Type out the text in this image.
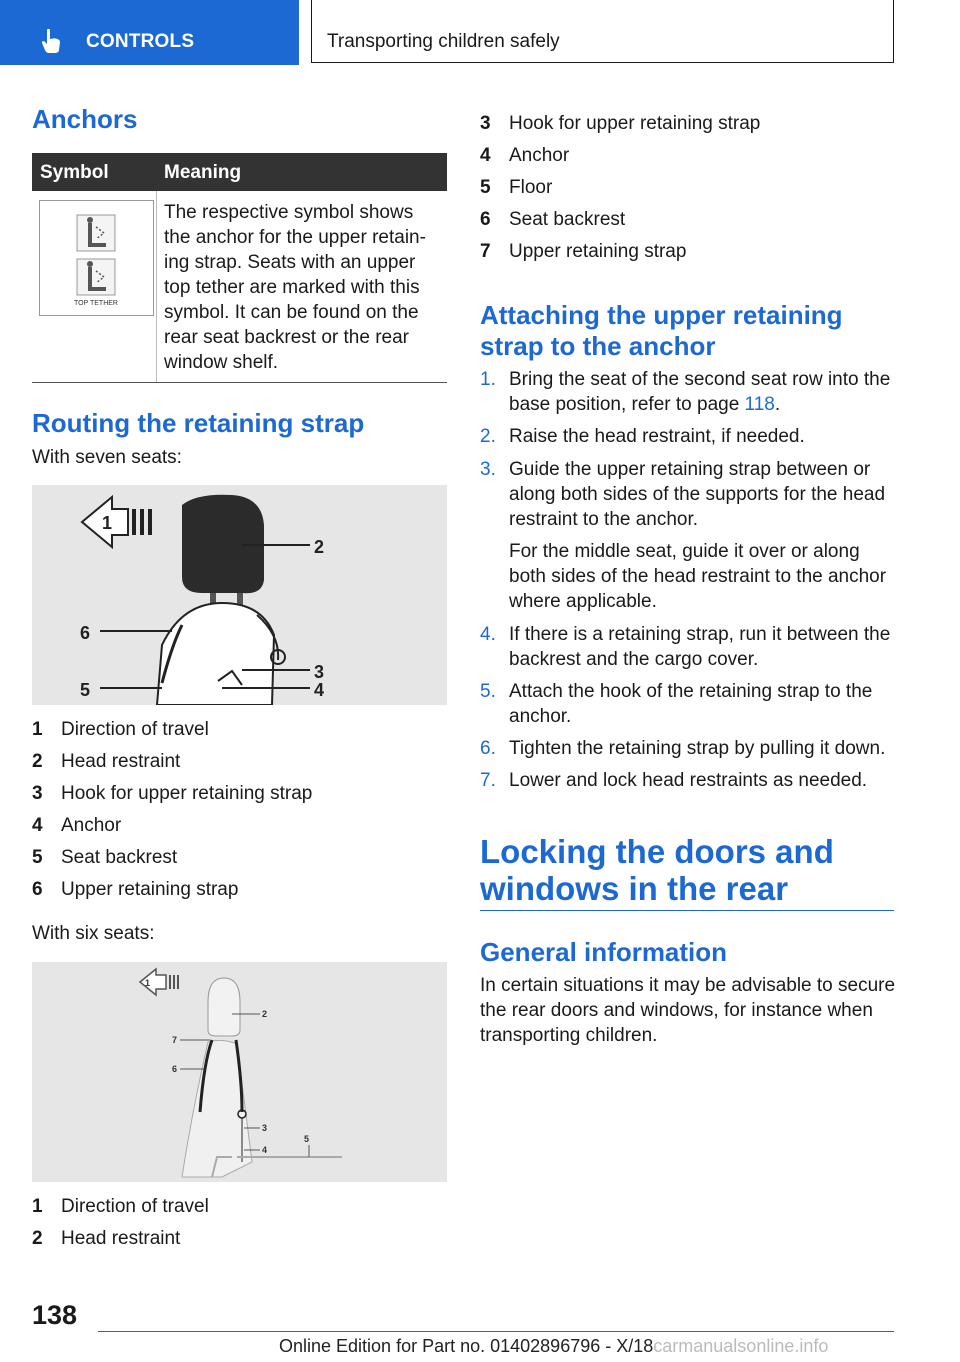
CONTROLS	Transporting children safely
Anchors
Symbol	Meaning
TOP TETHER
The respective symbol shows
the anchor for the upper retain-
ing strap. Seats with an upper
top tether are marked with this
symbol. It can be found on the
rear seat backrest or the rear
window shelf.
Routing the retaining strap
With seven seats:
1
2
6
3
5	4
1 Direction of travel
2 Head restraint
3 Hook for upper retaining strap
4 Anchor
5 Seat backrest
6 Upper retaining strap
With six seats:
1
2
7
6
3
4
5
1 Direction of travel
2 Head restraint
3 Hook for upper retaining strap
4 Anchor
5 Floor
6 Seat backrest
7 Upper retaining strap
Attaching the upper retaining
strap to the anchor
1. Bring the seat of the second seat row into the
base position, refer to page 118.
2. Raise the head restraint, if needed.
3. Guide the upper retaining strap between or
along both sides of the supports for the head
restraint to the anchor.
For the middle seat, guide it over or along
both sides of the head restraint to the anchor
where applicable.
4. If there is a retaining strap, run it between the
backrest and the cargo cover.
5. Attach the hook of the retaining strap to the
anchor.
6. Tighten the retaining strap by pulling it down.
7. Lower and lock head restraints as needed.
Locking the doors and
windows in the rear
General information
In certain situations it may be advisable to secure
the rear doors and windows, for instance when
transporting children.
138
Online Edition for Part no. 01402896796 - X/18carmanualsonline.info
